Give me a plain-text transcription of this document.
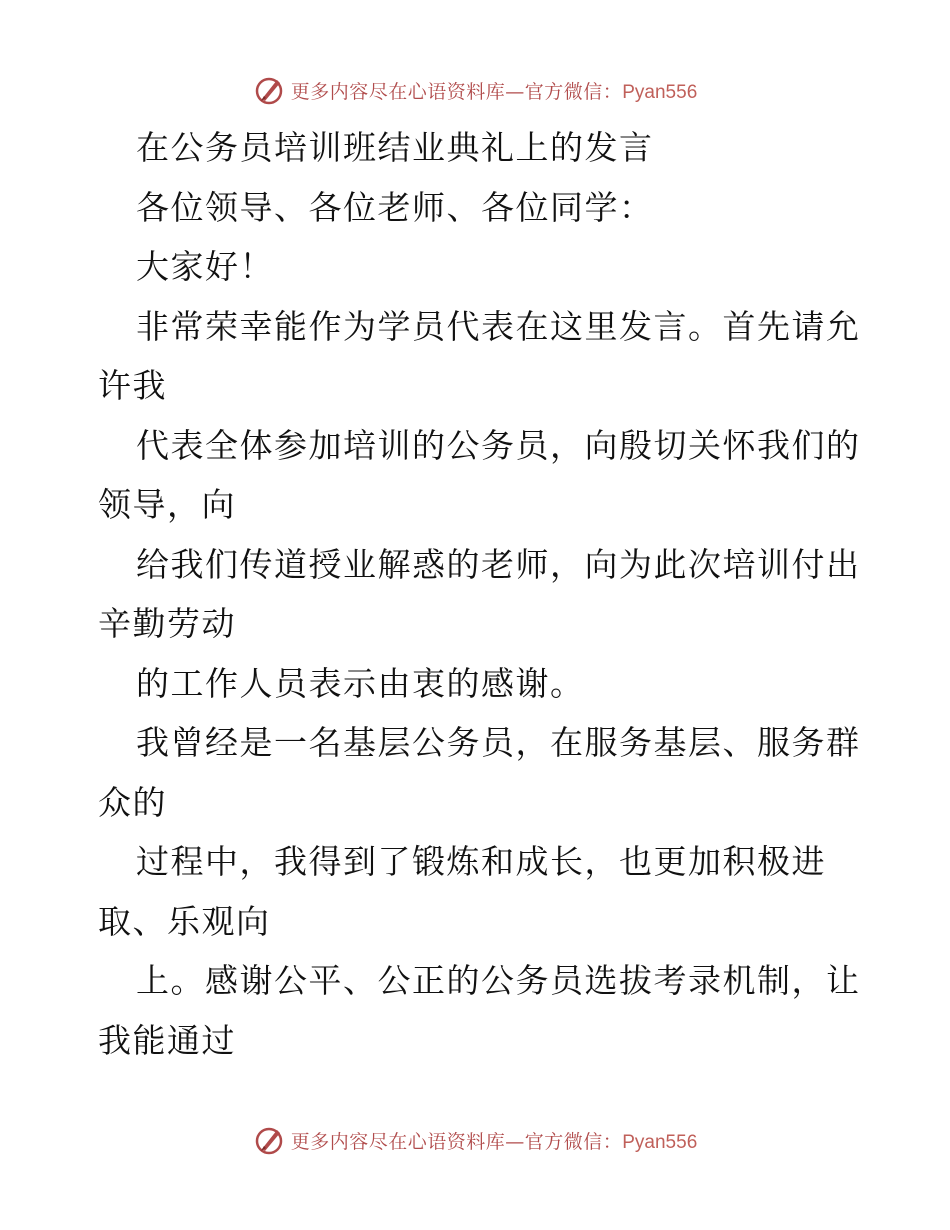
更多内容尽在心语资料库—官方微信：Pyan556
在公务员培训班结业典礼上的发言
各位领导、各位老师、各位同学：
大家好！
非常荣幸能作为学员代表在这里发言。首先请允
许我
代表全体参加培训的公务员，向殷切关怀我们的
领导，向
给我们传道授业解惑的老师，向为此次培训付出
辛勤劳动
的工作人员表示由衷的感谢。
我曾经是一名基层公务员，在服务基层、服务群
众的
过程中，我得到了锻炼和成长，也更加积极进
取、乐观向
上。感谢公平、公正的公务员选拔考录机制，让
我能通过
更多内容尽在心语资料库—官方微信：Pyan556
